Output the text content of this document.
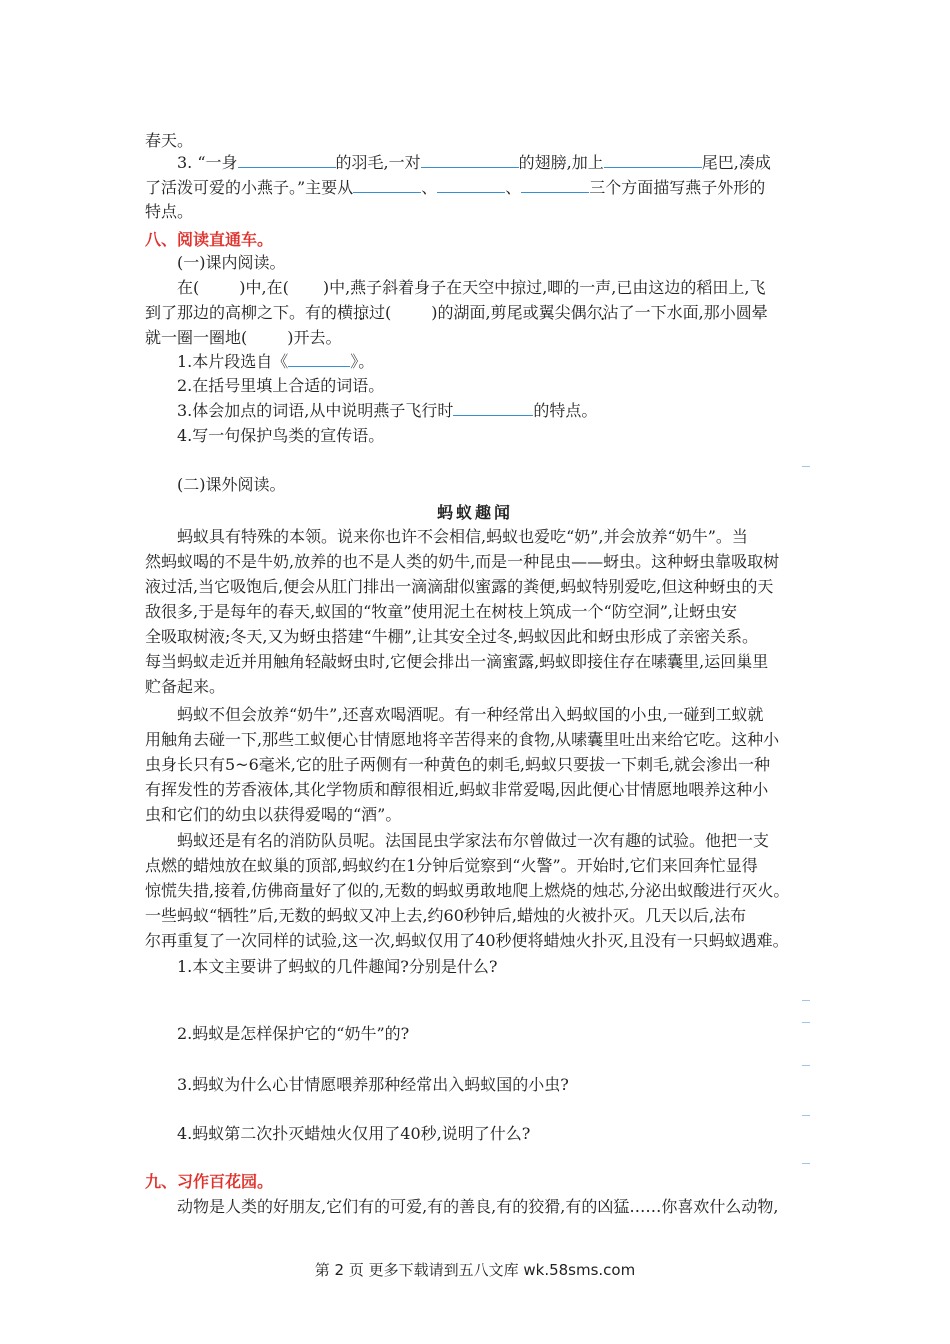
春天。
3. “一身	的羽毛,一对	的翅膀,加上	尾巴,凑成
了活泼可爱的小燕子。”主要从	、	、	三个方面描写燕子外形的
特点。
八、阅读直通车。
(一)课内阅读。
在(	)中,在( )中,燕子斜着身子在天空中掠过,唧的一声,已由这边的稻田上,飞
到了那边的高柳之下。有的横掠过(	)的湖面,剪尾或翼尖偶尔沾了一下水面,那小圆晕
就一圈一圈地(	)开去。
1.本片段选自《	》。
2.在括号里填上合适的词语。
3.体会加点的词语,从中说明燕子飞行时	的特点。
4.写一句保护鸟类的宣传语。
(二)课外阅读。
蚂蚁趣闻
蚂蚁具有特殊的本领。说来你也许不会相信,蚂蚁也爱吃“奶”,并会放养“奶牛”。当
然蚂蚁喝的不是牛奶,放养的也不是人类的奶牛,而是一种昆虫——蚜虫。这种蚜虫靠吸取树
液过活,当它吸饱后,便会从肛门排出一滴滴甜似蜜露的粪便,蚂蚁特别爱吃,但这种蚜虫的天
敌很多,于是每年的春天,蚁国的“牧童”使用泥土在树枝上筑成一个“防空洞”,让蚜虫安
全吸取树液;冬天,又为蚜虫搭建“牛棚”,让其安全过冬,蚂蚁因此和蚜虫形成了亲密关系。
每当蚂蚁走近并用触角轻敲蚜虫时,它便会排出一滴蜜露,蚂蚁即接住存在嗉囊里,运回巢里
贮备起来。
蚂蚁不但会放养“奶牛”,还喜欢喝酒呢。有一种经常出入蚂蚁国的小虫,一碰到工蚁就
用触角去碰一下,那些工蚁便心甘情愿地将辛苦得来的食物,从嗉囊里吐出来给它吃。这种小
虫身长只有5~6毫米,它的肚子两侧有一种黄色的刺毛,蚂蚁只要拔一下刺毛,就会渗出一种
有挥发性的芳香液体,其化学物质和醇很相近,蚂蚁非常爱喝,因此便心甘情愿地喂养这种小
虫和它们的幼虫以获得爱喝的“酒”。
蚂蚁还是有名的消防队员呢。法国昆虫学家法布尔曾做过一次有趣的试验。他把一支
点燃的蜡烛放在蚁巢的顶部,蚂蚁约在1分钟后觉察到“火警”。开始时,它们来回奔忙显得
惊慌失措,接着,仿佛商量好了似的,无数的蚂蚁勇敢地爬上燃烧的烛芯,分泌出蚁酸进行灭火。
一些蚂蚁“牺牲”后,无数的蚂蚁又冲上去,约60秒钟后,蜡烛的火被扑灭。几天以后,法布
尔再重复了一次同样的试验,这一次,蚂蚁仅用了40秒便将蜡烛火扑灭,且没有一只蚂蚁遇难。
1.本文主要讲了蚂蚁的几件趣闻?分别是什么?
2.蚂蚁是怎样保护它的“奶牛”的?
3.蚂蚁为什么心甘情愿喂养那种经常出入蚂蚁国的小虫?
4.蚂蚁第二次扑灭蜡烛火仅用了40秒,说明了什么?
九、习作百花园。
动物是人类的好朋友,它们有的可爱,有的善良,有的狡猾,有的凶猛……你喜欢什么动物,
第 2 页 更多下载请到五八文库 wk.58sms.com
